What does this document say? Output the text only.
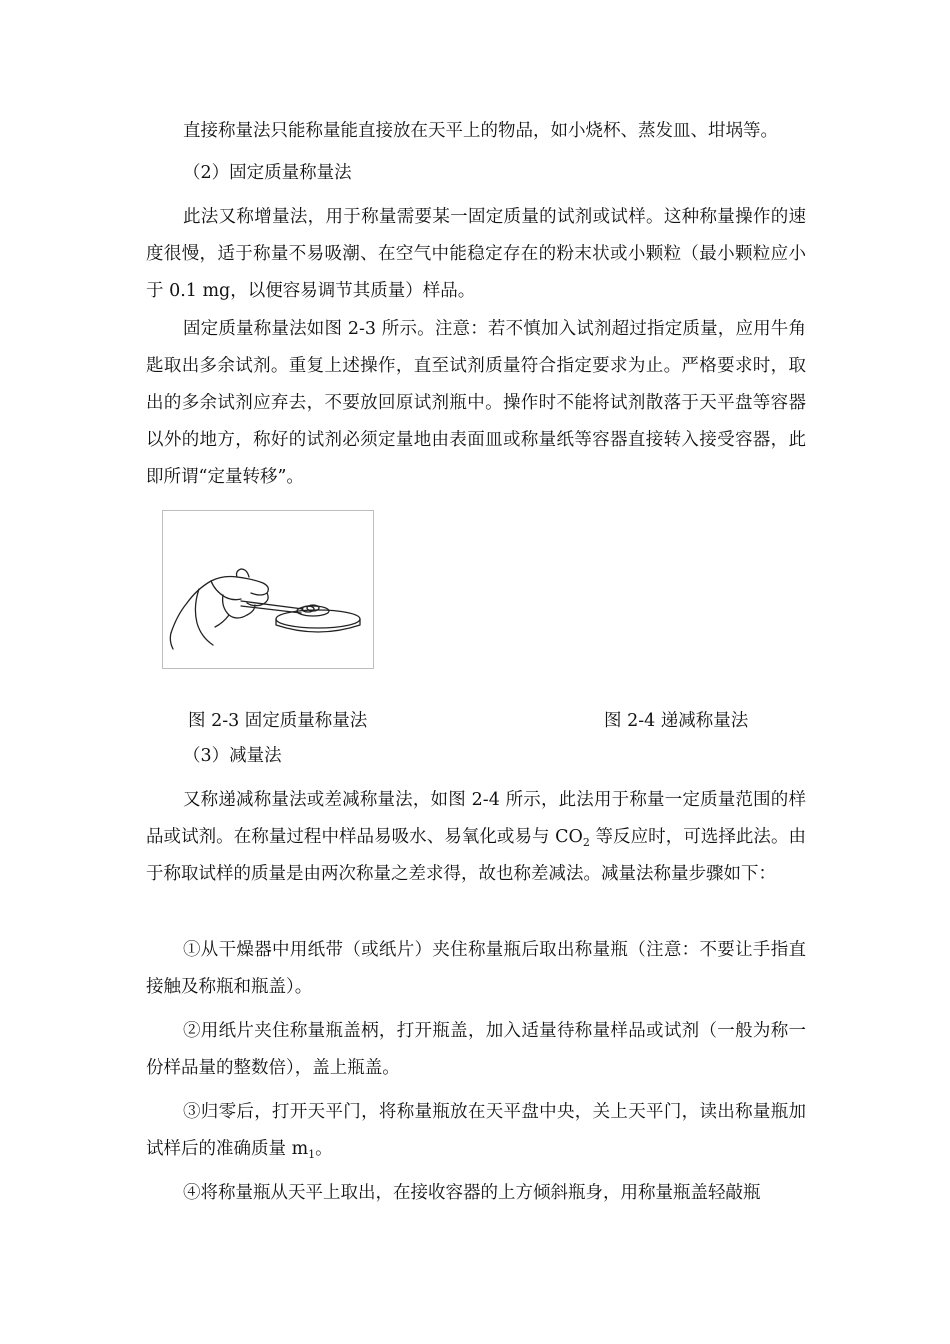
直接称量法只能称量能直接放在天平上的物品，如小烧杯、蒸发皿、坩埚等。

（2）固定质量称量法

此法又称增量法，用于称量需要某一固定质量的试剂或试样。这种称量操作的速度很慢，适于称量不易吸潮、在空气中能稳定存在的粉末状或小颗粒（最小颗粒应小于 0.1 mg，以便容易调节其质量）样品。

固定质量称量法如图 2-3 所示。注意：若不慎加入试剂超过指定质量，应用牛角匙取出多余试剂。重复上述操作，直至试剂质量符合指定要求为止。严格要求时，取出的多余试剂应弃去，不要放回原试剂瓶中。操作时不能将试剂散落于天平盘等容器以外的地方，称好的试剂必须定量地由表面皿或称量纸等容器直接转入接受容器，此即所谓“定量转移”。

图 2-3 固定质量称量法	图 2-4 递减称量法

（3）减量法

又称递减称量法或差减称量法，如图 2-4 所示，此法用于称量一定质量范围的样品或试剂。在称量过程中样品易吸水、易氧化或易与 $CO_2$ 等反应时，可选择此法。由于称取试样的质量是由两次称量之差求得，故也称差减法。减量法称量步骤如下：

①从干燥器中用纸带（或纸片）夹住称量瓶后取出称量瓶（注意：不要让手指直接触及称瓶和瓶盖）。

②用纸片夹住称量瓶盖柄，打开瓶盖，加入适量待称量样品或试剂（一般为称一份样品量的整数倍），盖上瓶盖。

③归零后，打开天平门，将称量瓶放在天平盘中央，关上天平门，读出称量瓶加试样后的准确质量 $m_1$。

④将称量瓶从天平上取出，在接收容器的上方倾斜瓶身，用称量瓶盖轻敲瓶
